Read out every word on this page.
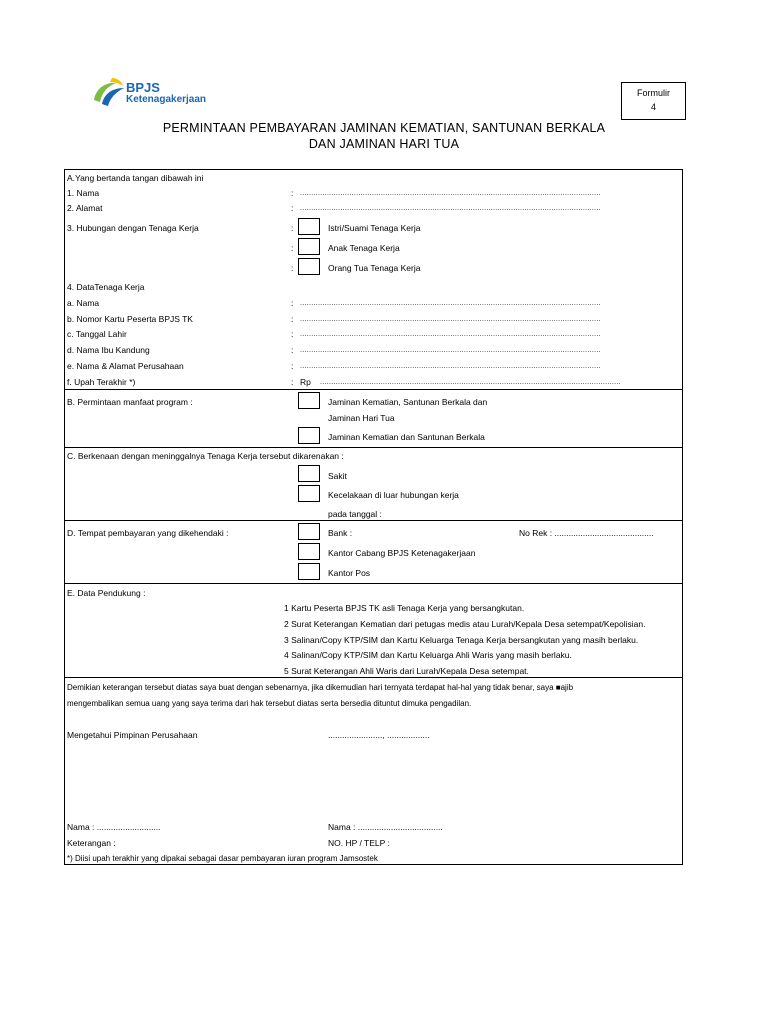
BPJS
Ketenagakerjaan
Formulir
4
PERMINTAAN PEMBAYARAN JAMINAN KEMATIAN, SANTUNAN BERKALA
DAN JAMINAN HARI TUA
A.Yang bertanda tangan dibawah ini
1. Nama	: ......................................................................................................................................
2. Alamat	: ......................................................................................................................................
3. Hubungan dengan Tenaga Kerja	:	Istri/Suami Tenaga Kerja
:	Anak Tenaga Kerja
:	Orang Tua Tenaga Kerja
4. DataTenaga Kerja
a. Nama	: ......................................................................................................................................
b. Nomor Kartu Peserta BPJS TK	: ......................................................................................................................................
c. Tanggal Lahir	: ......................................................................................................................................
d. Nama Ibu Kandung	: ......................................................................................................................................
e. Nama & Alamat Perusahaan	: ......................................................................................................................................
f. Upah Terakhir *)	: Rp ......................................................................................................................................
B. Permintaan manfaat program :	Jaminan Kematian, Santunan Berkala dan
Jaminan Hari Tua
Jaminan Kematian dan Santunan Berkala
C. Berkenaan dengan meninggalnya Tenaga Kerja tersebut dikarenakan :
Sakit
Kecelakaan di luar hubungan kerja
pada tanggal :
D. Tempat pembayaran yang dikehendaki :	Bank :	No Rek : ..........................................
Kantor Cabang BPJS Ketenagakerjaan
Kantor Pos
E. Data Pendukung :
1 Kartu Peserta BPJS TK asli Tenaga Kerja yang bersangkutan.
2 Surat Keterangan Kematian dari petugas medis atau Lurah/Kepala Desa setempat/Kepolisian.
3 Salinan/Copy KTP/SIM dan Kartu Keluarga Tenaga Kerja bersangkutan yang masih berlaku.
4 Salinan/Copy KTP/SIM dan Kartu Keluarga Ahli Waris yang masih berlaku.
5 Surat Keterangan Ahli Waris dari Lurah/Kepala Desa setempat.
Demikian keterangan tersebut diatas saya buat dengan sebenarnya, jika dikemudian hari ternyata terdapat hal-hal yang tidak benar, saya ■ajib
mengembalikan semua uang yang saya terima dari hak tersebut diatas serta bersedia dituntut dimuka pengadilan.
Mengetahui Pimpinan Perusahaan	......................., ..................
Nama : ...........................	Nama : ....................................
Keterangan :	NO. HP / TELP :
*) Diisi upah terakhir yang dipakai sebagai dasar pembayaran iuran program Jamsostek
